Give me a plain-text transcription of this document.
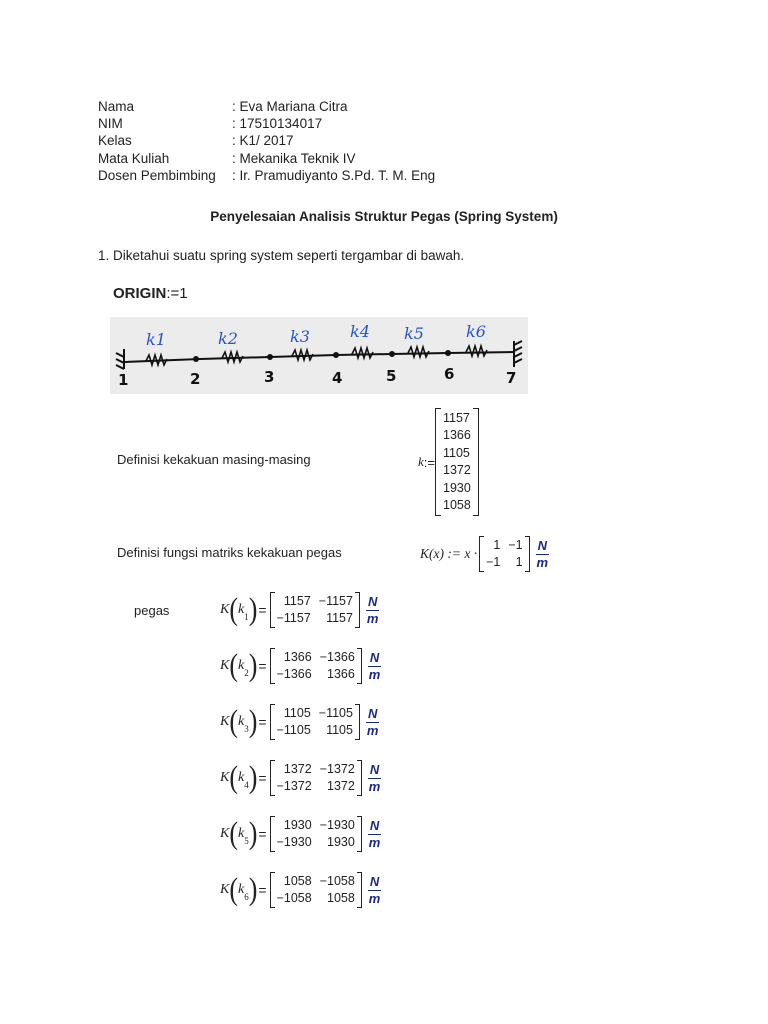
Nama	: Eva Mariana Citra
NIM	: 17510134017
Kelas	: K1/ 2017
Mata Kuliah	: Mekanika Teknik IV
Dosen Pembimbing	: Ir. Pramudiyanto S.Pd. T. M. Eng
Penyelesaian Analisis Struktur Pegas (Spring System)
1. Diketahui suatu spring system seperti tergambar di bawah.
ORIGIN:=1
k1	k2	k3	k4 k5	k6
1	2	3	4	5	6	7
Definisi kekakuan masing-masing	k :=
1157
1366
1105
1372
1930
1058
Definisi fungsi matriks kekakuan pegas	K(x) := x ·
1 −1
−1	$1 \frac{N}{m}$
pegas	K ( k 1 ) =
1157 −1157
−1157	$1157 \frac{N}{m}$
K ( k 2 ) =
1366 −1366
−1366	$1366 \frac{N}{m}$
K ( k 3 ) =
1105 −1105
−1105	$1105 \frac{N}{m}$
K ( k 4 ) =
1372 −1372
−1372	$1372 \frac{N}{m}$
K ( k 5 ) =
1930 −1930
−1930	$1930 \frac{N}{m}$
K ( k 6 ) =
1058 −1058
−1058	$1058 \frac{N}{m}$
